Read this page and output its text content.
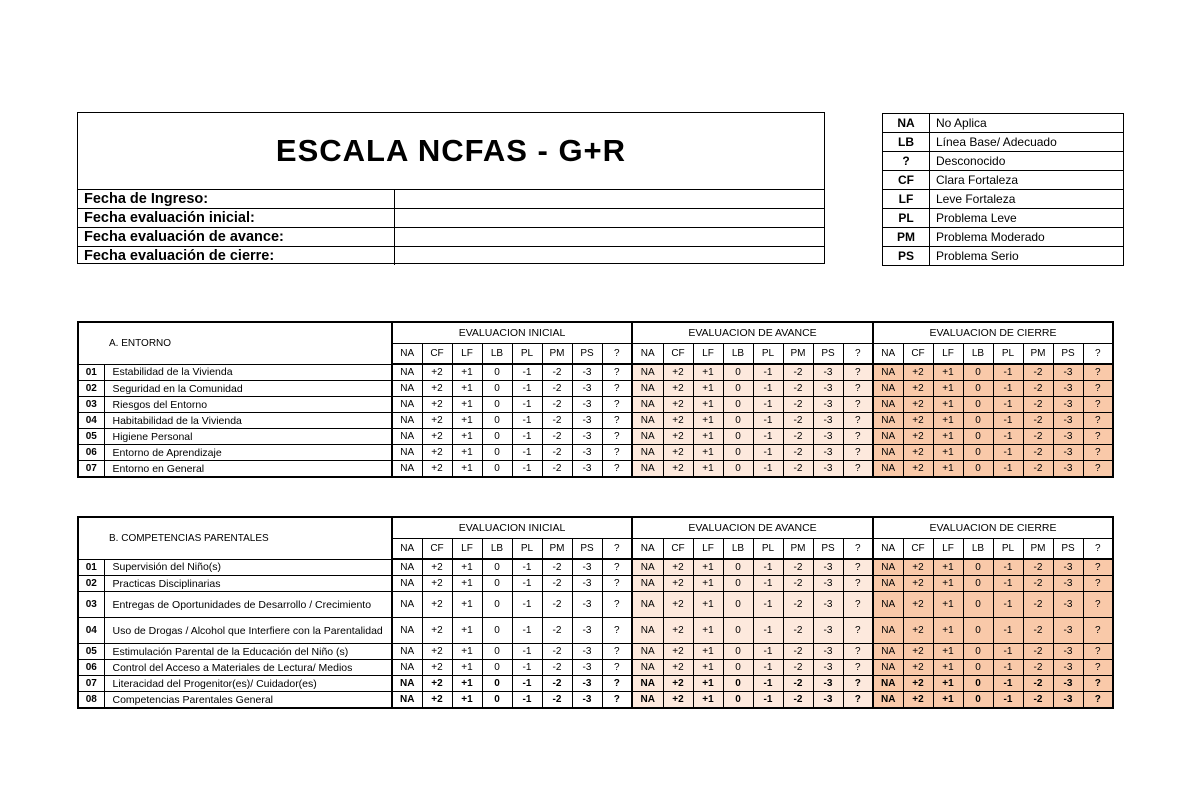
ESCALA NCFAS - G+R
Fecha de Ingreso:
Fecha evaluación inicial:
Fecha evaluación de avance:
Fecha evaluación de cierre:
NA	No Aplica
LB	Línea Base/ Adecuado
?	Desconocido
CF	Clara Fortaleza
LF	Leve Fortaleza
PL	Problema Leve
PM	Problema Moderado
PS	Problema Serio
A. ENTORNO		EVALUACION INICIAL								EVALUACION DE AVANCE								EVALUACION DE CIERRE							
		NA	CF	LF	LB	PL	PM	PS	?	NA	CF	LF	LB	PL	PM	PS	?	NA	CF	LF	LB	PL	PM	PS	?
01	Estabilidad de la Vivienda	NA	+2	+1	0	-1	-2	-3	?	NA	+2	+1	0	-1	-2	-3	?	NA	+2	+1	0	-1	-2	-3	?
02	Seguridad en la Comunidad	NA	+2	+1	0	-1	-2	-3	?	NA	+2	+1	0	-1	-2	-3	?	NA	+2	+1	0	-1	-2	-3	?
03	Riesgos del Entorno	NA	+2	+1	0	-1	-2	-3	?	NA	+2	+1	0	-1	-2	-3	?	NA	+2	+1	0	-1	-2	-3	?
04	Habitabilidad de la Vivienda	NA	+2	+1	0	-1	-2	-3	?	NA	+2	+1	0	-1	-2	-3	?	NA	+2	+1	0	-1	-2	-3	?
05	Higiene Personal	NA	+2	+1	0	-1	-2	-3	?	NA	+2	+1	0	-1	-2	-3	?	NA	+2	+1	0	-1	-2	-3	?
06	Entorno de Aprendizaje	NA	+2	+1	0	-1	-2	-3	?	NA	+2	+1	0	-1	-2	-3	?	NA	+2	+1	0	-1	-2	-3	?
07	Entorno en General	NA	+2	+1	0	-1	-2	-3	?	NA	+2	+1	0	-1	-2	-3	?	NA	+2	+1	0	-1	-2	-3	?
B. COMPETENCIAS PARENTALES		EVALUACION INICIAL								EVALUACION DE AVANCE								EVALUACION DE CIERRE							
		NA	CF	LF	LB	PL	PM	PS	?	NA	CF	LF	LB	PL	PM	PS	?	NA	CF	LF	LB	PL	PM	PS	?
01	Supervisión del Niño(s)	NA	+2	+1	0	-1	-2	-3	?	NA	+2	+1	0	-1	-2	-3	?	NA	+2	+1	0	-1	-2	-3	?
02	Practicas Disciplinarias	NA	+2	+1	0	-1	-2	-3	?	NA	+2	+1	0	-1	-2	-3	?	NA	+2	+1	0	-1	-2	-3	?
03	Entregas de Oportunidades de Desarrollo / Crecimiento	NA	+2	+1	0	-1	-2	-3	?	NA	+2	+1	0	-1	-2	-3	?	NA	+2	+1	0	-1	-2	-3	?
04	Uso de Drogas / Alcohol que Interfiere con la Parentalidad	NA	+2	+1	0	-1	-2	-3	?	NA	+2	+1	0	-1	-2	-3	?	NA	+2	+1	0	-1	-2	-3	?
05	Estimulación Parental de la Educación del Niño (s)	NA	+2	+1	0	-1	-2	-3	?	NA	+2	+1	0	-1	-2	-3	?	NA	+2	+1	0	-1	-2	-3	?
06	Control del Acceso a Materiales de Lectura/ Medios	NA	+2	+1	0	-1	-2	-3	?	NA	+2	+1	0	-1	-2	-3	?	NA	+2	+1	0	-1	-2	-3	?
07	Literacidad del Progenitor(es)/ Cuidador(es)	NA	+2	+1	0	-1	-2	-3	?	NA	+2	+1	0	-1	-2	-3	?	NA	+2	+1	0	-1	-2	-3	?
08	Competencias Parentales General	NA	+2	+1	0	-1	-2	-3	?	NA	+2	+1	0	-1	-2	-3	?	NA	+2	+1	0	-1	-2	-3	?
